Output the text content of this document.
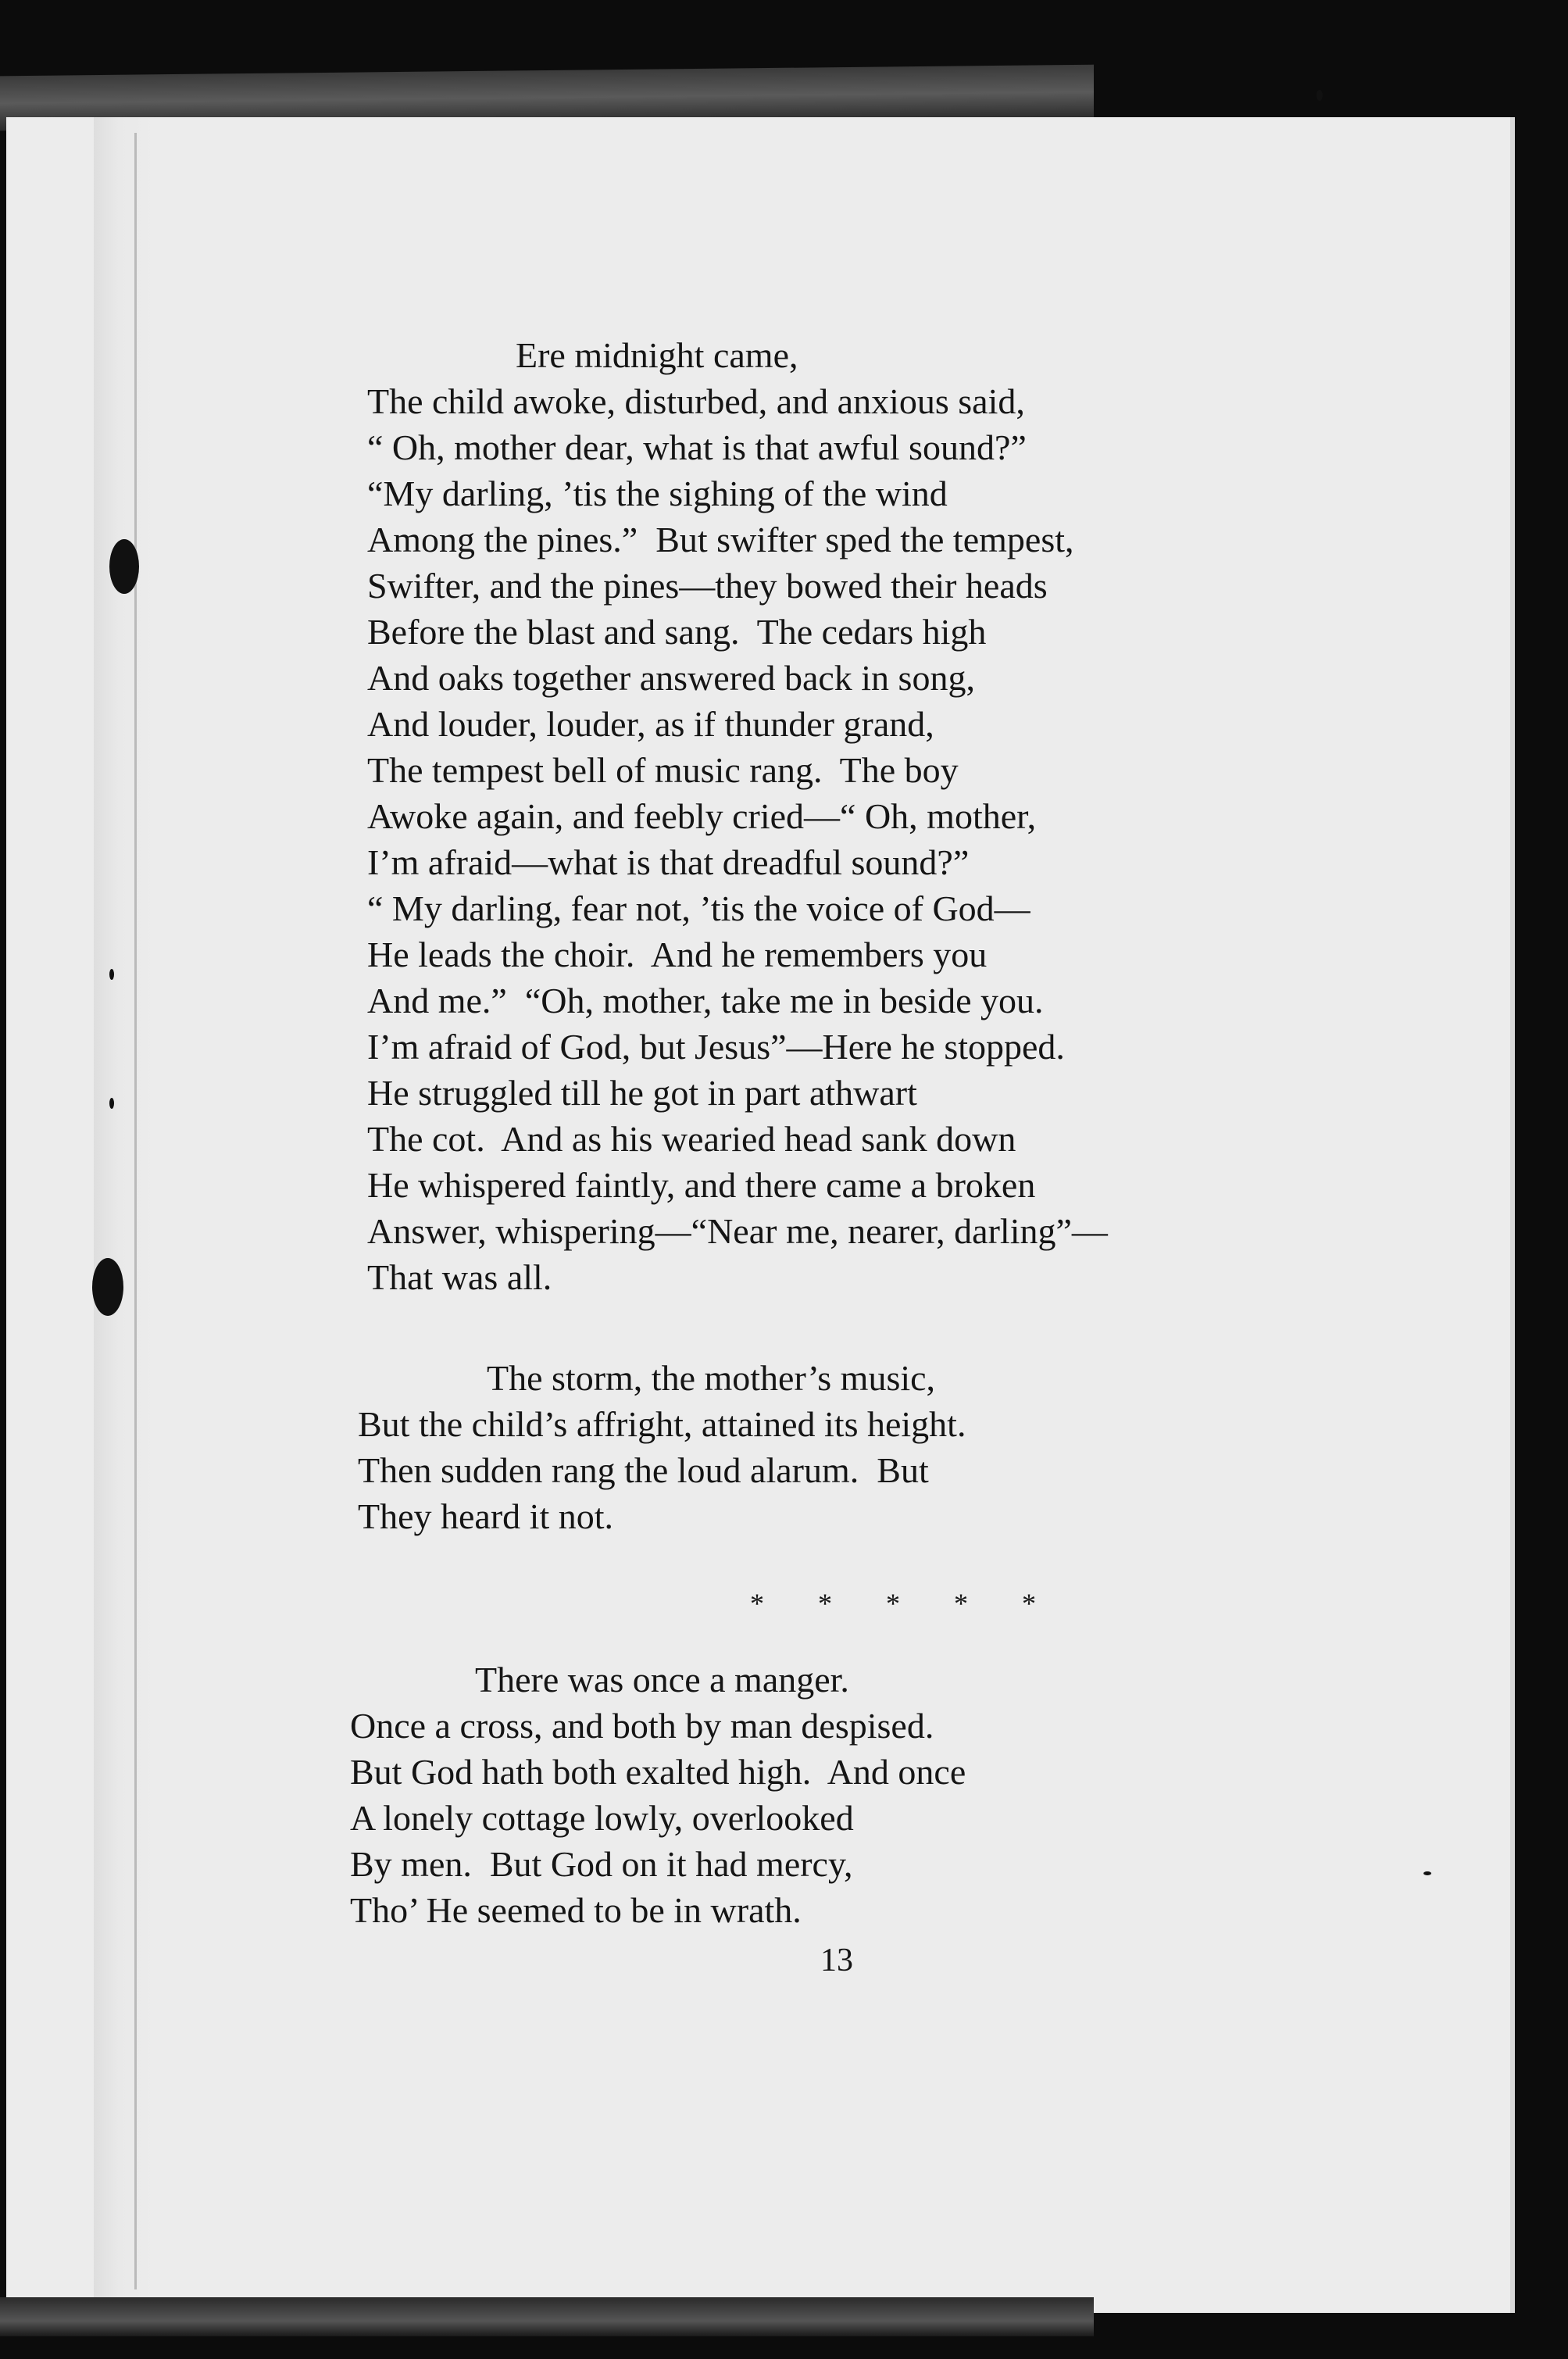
Ere midnight came,
The child awoke, disturbed, and anxious said,
“ Oh, mother dear, what is that awful sound?”
“My darling, ’tis the sighing of the wind
Among the pines.”  But swifter sped the tempest,
Swifter, and the pines—they bowed their heads
Before the blast and sang.  The cedars high
And oaks together answered back in song,
And louder, louder, as if thunder grand,
The tempest bell of music rang.  The boy
Awoke again, and feebly cried—“ Oh, mother,
I’m afraid—what is that dreadful sound?”
“ My darling, fear not, ’tis the voice of God—
He leads the choir.  And he remembers you
And me.”  “Oh, mother, take me in beside you.
I’m afraid of God, but Jesus”—Here he stopped.
He struggled till he got in part athwart
The cot.  And as his wearied head sank down
He whispered faintly, and there came a broken
Answer, whispering—“Near me, nearer, darling”—
That was all.
The storm, the mother’s music,
But the child’s affright, attained its height.
Then sudden rang the loud alarum.  But
They heard it not.
* * * * *
There was once a manger.
Once a cross, and both by man despised.
But God hath both exalted high.  And once
A lonely cottage lowly, overlooked
By men.  But God on it had mercy,
Tho’ He seemed to be in wrath.
13
